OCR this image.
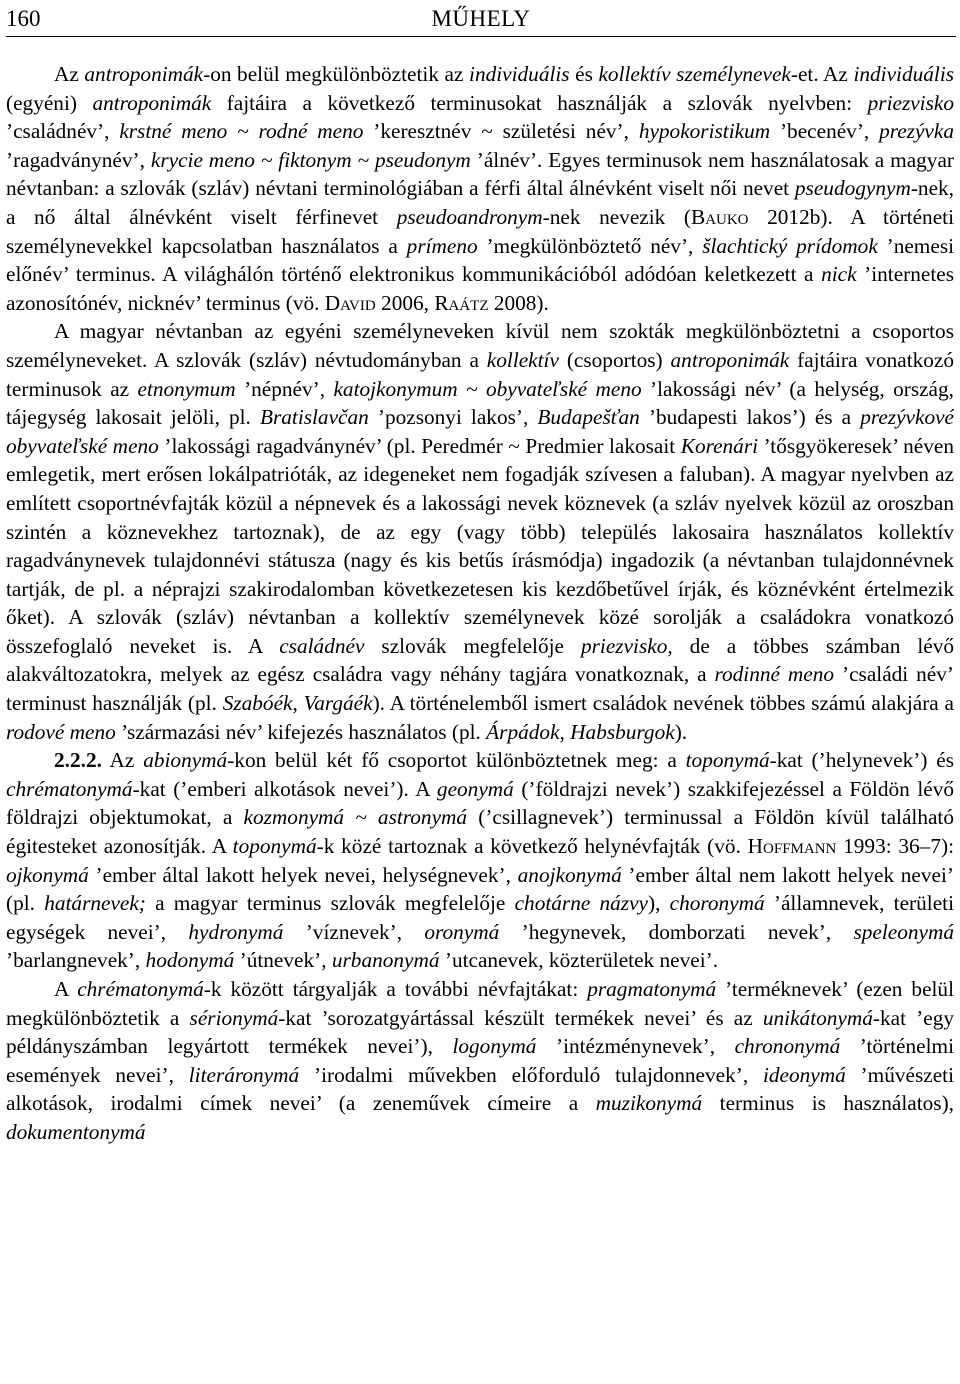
160	MŰHELY

Az antroponimák-on belül megkülönböztetik az individuális és kollektív személynevek-et. Az individuális (egyéni) antroponimák fajtáira a következő terminusokat használják a szlovák nyelvben: priezvisko ’családnév’, krstné meno ~ rodné meno ’keresztnév ~ születési név’, hypokoristikum ’becenév’, prezývka ’ragadványnév’, krycie meno ~ fiktonym ~ pseudonym ’álnév’. Egyes terminusok nem használatosak a magyar névtanban: a szlovák (szláv) névtani terminológiában a férfi által álnévként viselt női nevet pseudogynym-nek, a nő által álnévként viselt férfinevet pseudoandronym-nek nevezik (Bauko 2012b). A történeti személynevekkel kapcsolatban használatos a prímeno ’megkülönböztető név’, šlachtický prídomok ’nemesi előnév’ terminus. A világhálón történő elektronikus kommunikációból adódóan keletkezett a nick ’internetes azonosítónév, nicknév’ terminus (vö. David 2006, Raátz 2008).

A magyar névtanban az egyéni személyneveken kívül nem szokták megkülönböztetni a csoportos személyneveket. A szlovák (szláv) névtudományban a kollektív (csoportos) antroponimák fajtáira vonatkozó terminusok az etnonymum ’népnév’, katojkonymum ~ obyvateľské meno ’lakossági név’ (a helység, ország, tájegység lakosait jelöli, pl. Bratislavčan ’pozsonyi lakos’, Budapešťan ’budapesti lakos’) és a prezývkové obyvateľské meno ’lakossági ragadványnév’ (pl. Peredmér ~ Predmier lakosait Korenári ’tősgyökeresek’ néven emlegetik, mert erősen lokálpatrióták, az idegeneket nem fogadják szívesen a faluban). A magyar nyelvben az említett csoportnévfajták közül a népnevek és a lakossági nevek köznevek (a szláv nyelvek közül az oroszban szintén a köznevekhez tartoznak), de az egy (vagy több) település lakosaira használatos kollektív ragadványnevek tulajdonnévi státusza (nagy és kis betűs írásmódja) ingadozik (a névtanban tulajdonnévnek tartják, de pl. a néprajzi szakirodalomban következetesen kis kezdőbetűvel írják, és köznévként értelmezik őket). A szlovák (szláv) névtanban a kollektív személynevek közé sorolják a családokra vonatkozó összefoglaló neveket is. A családnév szlovák megfelelője priezvisko, de a többes számban lévő alakváltozatokra, melyek az egész családra vagy néhány tagjára vonatkoznak, a rodinné meno ’családi név’ terminust használják (pl. Szabóék, Vargáék). A történelemből ismert családok nevének többes számú alakjára a rodové meno ’származási név’ kifejezés használatos (pl. Árpádok, Habsburgok).

2.2.2. Az abionymá-kon belül két fő csoportot különböztetnek meg: a toponymá-kat (’helynevek’) és chrématonymá-kat (’emberi alkotások nevei’). A geonymá (’földrajzi nevek’) szakkifejezéssel a Földön lévő földrajzi objektumokat, a kozmonymá ~ astronymá (’csillagnevek’) terminussal a Földön kívül található égitesteket azonosítják. A toponymá-k közé tartoznak a következő helynévfajták (vö. Hoffmann 1993: 36–7): ojkonymá ’ember által lakott helyek nevei, helységnevek’, anojkonymá ’ember által nem lakott helyek nevei’ (pl. határnevek; a magyar terminus szlovák megfelelője chotárne názvy), choronymá ’államnevek, területi egységek nevei’, hydronymá ’víznevek’, oronymá ’hegynevek, domborzati nevek’, speleonymá ’barlangnevek’, hodonymá ’útnevek’, urbanonymá ’utcanevek, közterületek nevei’.

A chrématonymá-k között tárgyalják a további névfajtákat: pragmatonymá ’terméknevek’ (ezen belül megkülönböztetik a sérionymá-kat ’sorozatgyártással készült termékek nevei’ és az unikátonymá-kat ’egy példányszámban legyártott termékek nevei’), logonymá ’intézménynevek’, chrononymá ’történelmi események nevei’, literáronymá ’irodalmi művekben előforduló tulajdonnevek’, ideonymá ’művészeti alkotások, irodalmi címek nevei’ (a zeneművek címeire a muzikonymá terminus is használatos), dokumentonymá
